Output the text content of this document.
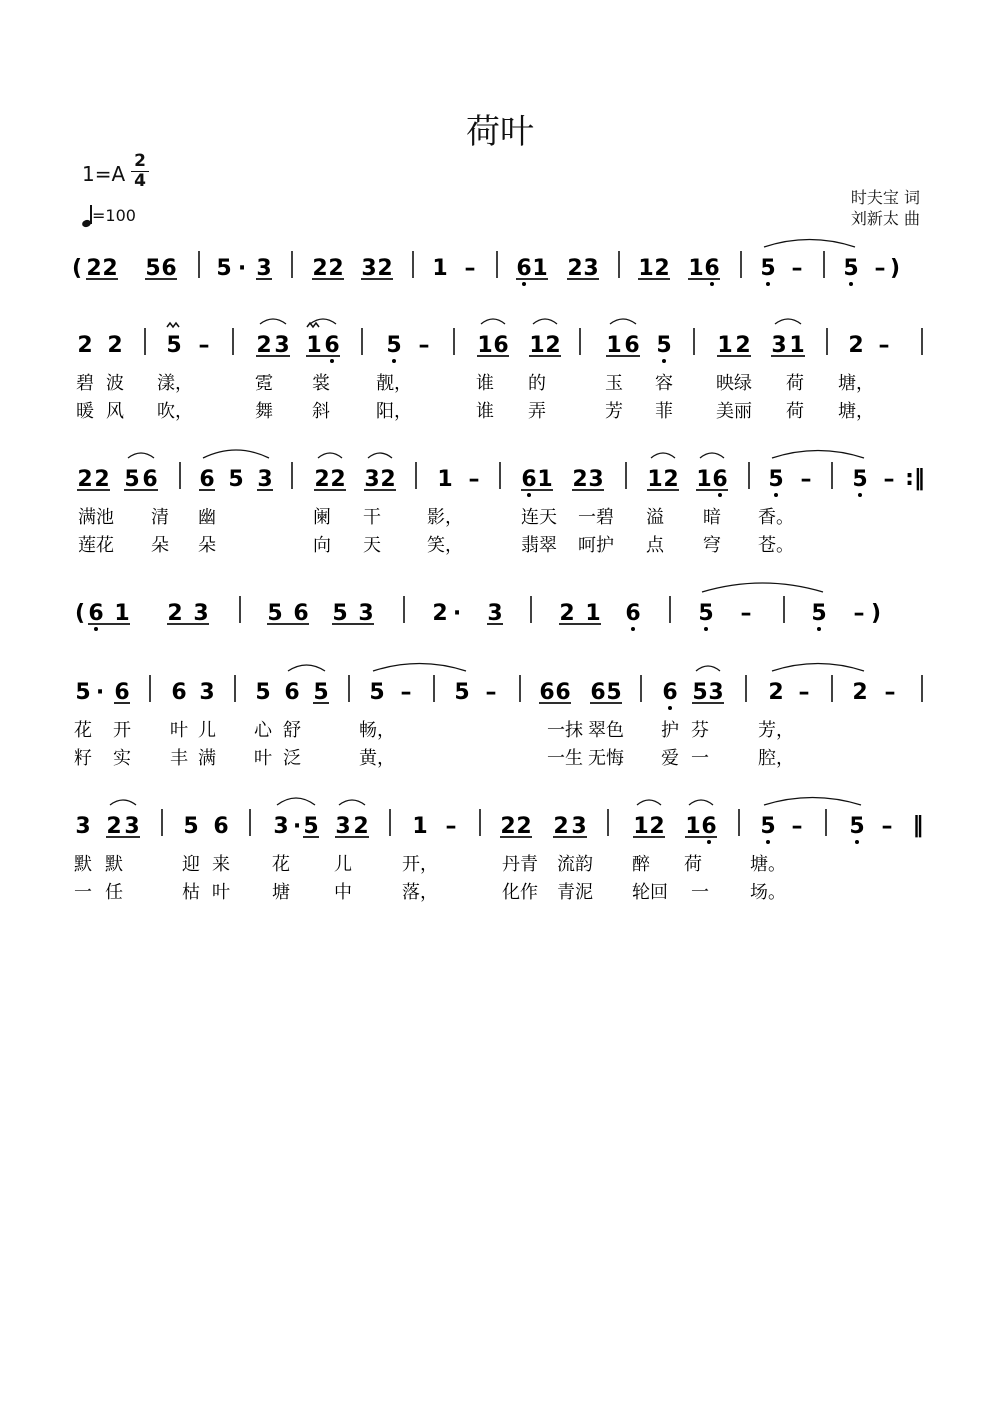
荷叶
1=A
2
4
=100
时夫宝 词
刘新太 曲
( 2 2 5 6 5 · 3 2 2 3 2 1 – 6 1 2 3 1 2 1 6 5 – 5 – )
2 2 5 – 2 3 1 6 5 – 1 6 1 2 1 6 5 1 2 3 1 2 –
碧 波 漾，	霓 裳	靓，	谁 的	玉 容 映绿 荷 塘，
暖 风 吹，	舞 斜	阳，	谁 弄	芳 菲 美丽 荷 塘，
2 2 5 6 6 5 3 2 2 3 2 1 – 6 1 2 3 1 2 1 6 5 – 5 – :‖
满池 清 幽	阑 干	影，	连天 一碧 溢 暗 香。
莲花 朵 朵	向 天	笑，	翡翠 呵护 点 穹 苍。
( 6 1 2 3	5 6 5 3	2 · 3	2 1 6	5 –	5 – )
5 · 6 6 3 5 6 5 5 – 5 – 6 6 6 5 6 5 3 2 – 2 –
花 开 叶 儿 心 舒	畅，	一抹 翠色 护 芬	芳，
籽 实 丰 满 叶 泛	黄，	一生 无悔 爱 一	腔，
3 2 3 5 6 3 · 5 3 2 1 – 2 2 2 3 1 2 1 6 5 – 5 – ‖
默 默	迎 来 花 儿	开，	丹青 流韵 醉 荷	塘。
一 任	枯 叶 塘 中	落，	化作 青泥 轮回 一 场。
